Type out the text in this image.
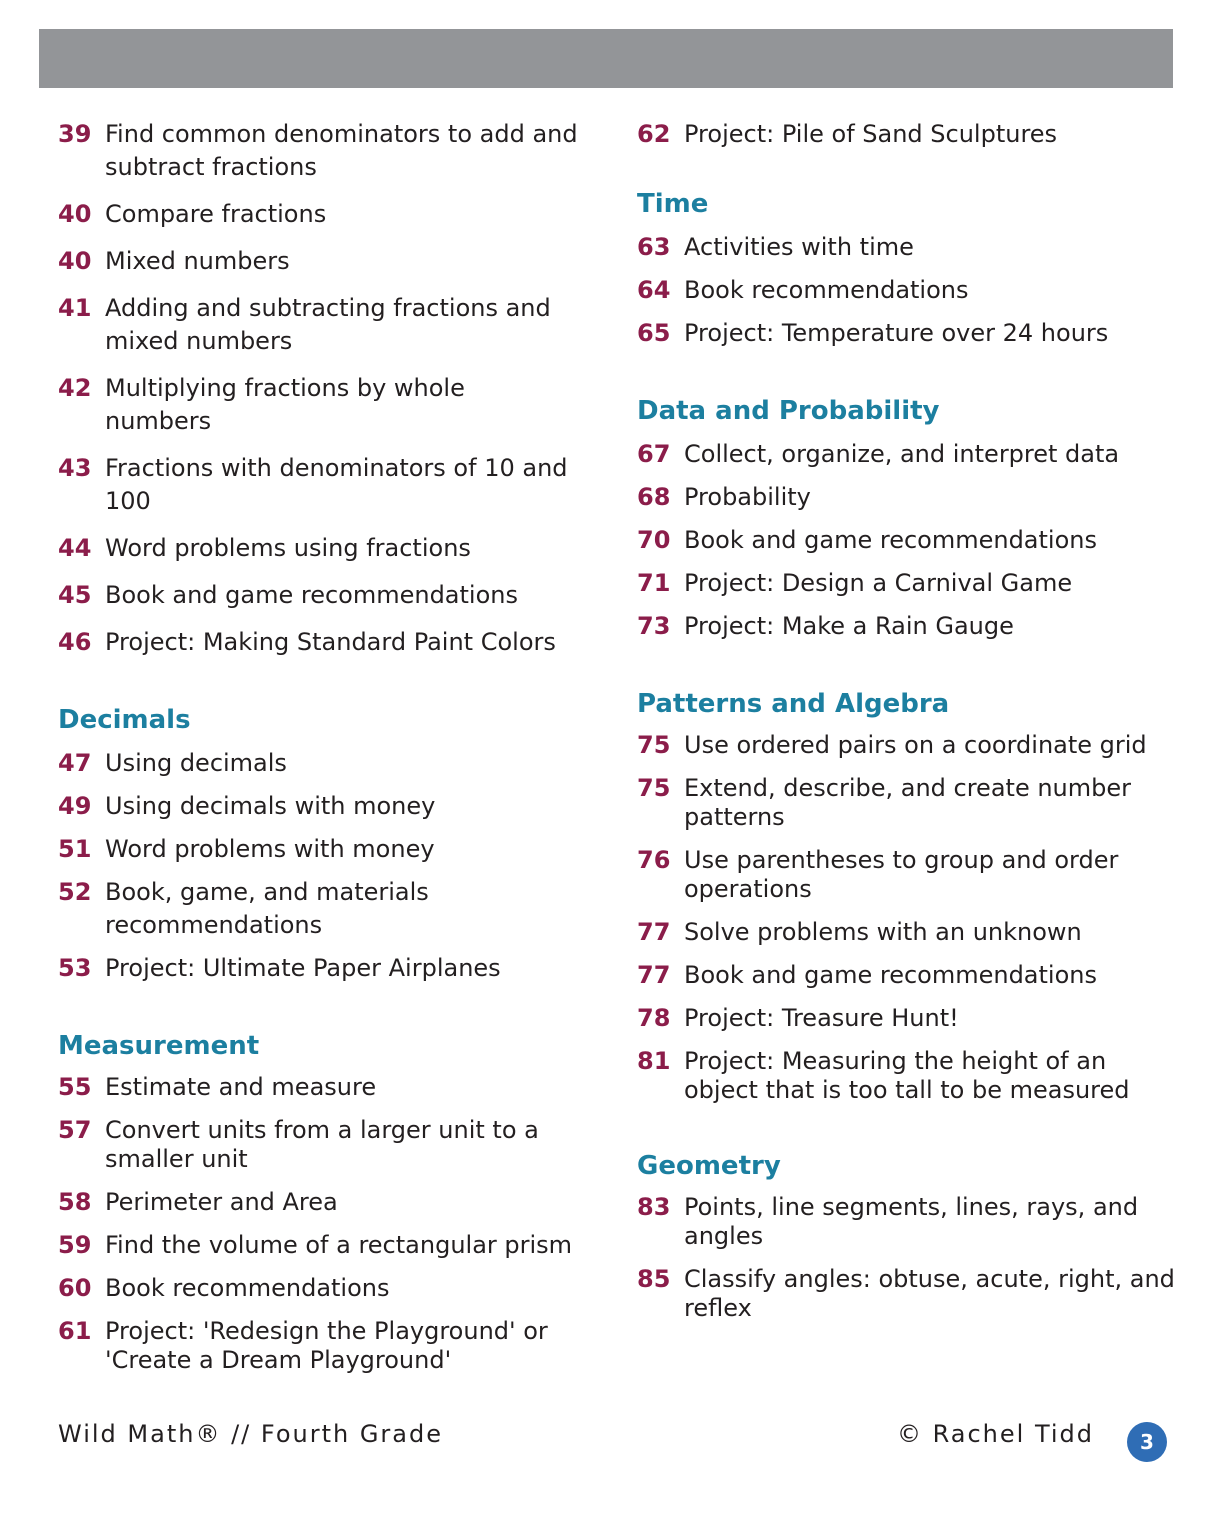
39 Find common denominators to add and subtract fractions
40 Compare fractions
40 Mixed numbers
41 Adding and subtracting fractions and mixed numbers
42 Multiplying fractions by whole numbers
43 Fractions with denominators of 10 and 100
44 Word problems using fractions
45 Book and game recommendations
46 Project: Making Standard Paint Colors
Decimals
47 Using decimals
49 Using decimals with money
51 Word problems with money
52 Book, game, and materials recommendations
53 Project: Ultimate Paper Airplanes
Measurement
55 Estimate and measure
57 Convert units from a larger unit to a smaller unit
58 Perimeter and Area
59 Find the volume of a rectangular prism
60 Book recommendations
61 Project: 'Redesign the Playground' or 'Create a Dream Playground'
62 Project: Pile of Sand Sculptures
Time
63 Activities with time
64 Book recommendations
65 Project: Temperature over 24 hours
Data and Probability
67 Collect, organize, and interpret data
68 Probability
70 Book and game recommendations
71 Project: Design a Carnival Game
73 Project: Make a Rain Gauge
Patterns and Algebra
75 Use ordered pairs on a coordinate grid
75 Extend, describe, and create number patterns
76 Use parentheses to group and order operations
77 Solve problems with an unknown
77 Book and game recommendations
78 Project: Treasure Hunt!
81 Project: Measuring the height of an object that is too tall to be measured
Geometry
83 Points, line segments, lines, rays, and angles
85 Classify angles: obtuse, acute, right, and reflex
Wild Math® // Fourth Grade	© Rachel Tidd	3
